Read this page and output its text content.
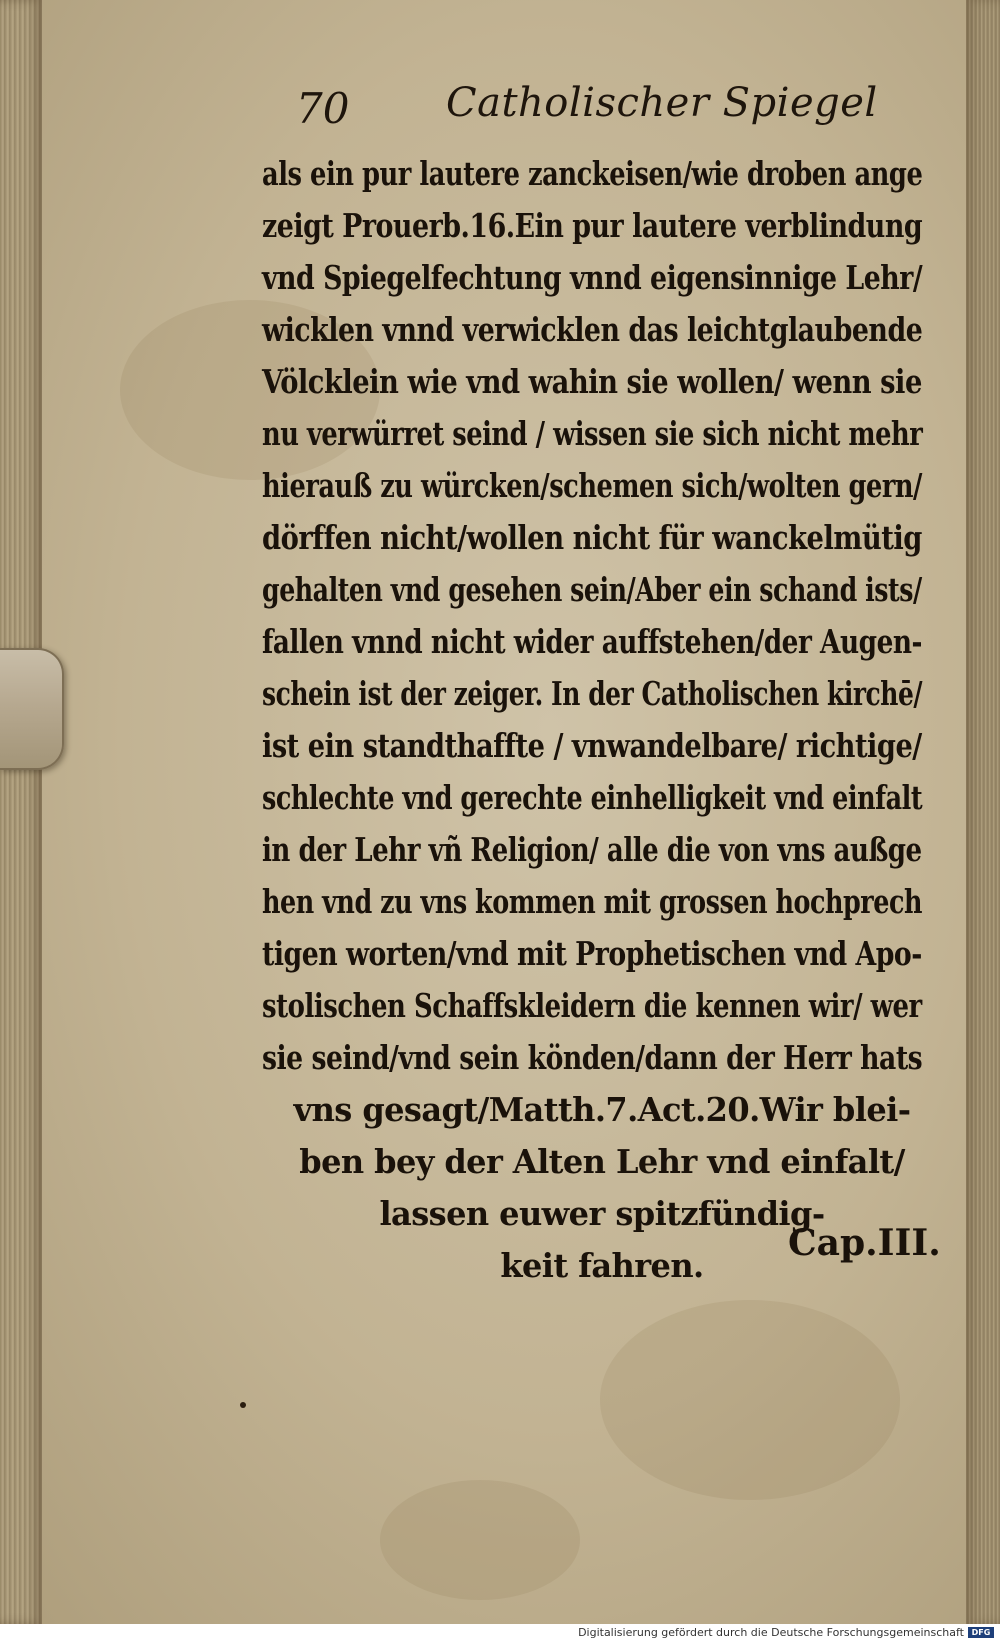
70 Catholischer Spiegel
als ein pur lautere zanckeisen/wie droben ange
zeigt Prouerb.16.Ein pur lautere verblindung
vnd Spiegelfechtung vnnd eigensinnige Lehr/
wicklen vnnd verwicklen das leichtglaubende
Völcklein wie vnd wahin sie wollen/ wenn sie
nu verwürret seind / wissen sie sich nicht mehr
hierauß zu würcken/schemen sich/wolten gern/
dörffen nicht/wollen nicht für wanckelmütig
gehalten vnd gesehen sein/Aber ein schand ists/
fallen vnnd nicht wider auffstehen/der Augen-
schein ist der zeiger. In der Catholischen kirchē/
ist ein standthaffte / vnwandelbare/ richtige/
schlechte vnd gerechte einhelligkeit vnd einfalt
in der Lehr vñ Religion/ alle die von vns außge
hen vnd zu vns kommen mit grossen hochprech
tigen worten/vnd mit Prophetischen vnd Apo-
stolischen Schaffskleidern die kennen wir/ wer
sie seind/vnd sein könden/dann der Herr hats
vns gesagt/Matth.7.Act.20.Wir blei-
ben bey der Alten Lehr vnd einfalt/
lassen euwer spitzfündig-
keit fahren.
Cap.III.
Digitalisierung gefördert durch die Deutsche Forschungsgemeinschaft DFG
